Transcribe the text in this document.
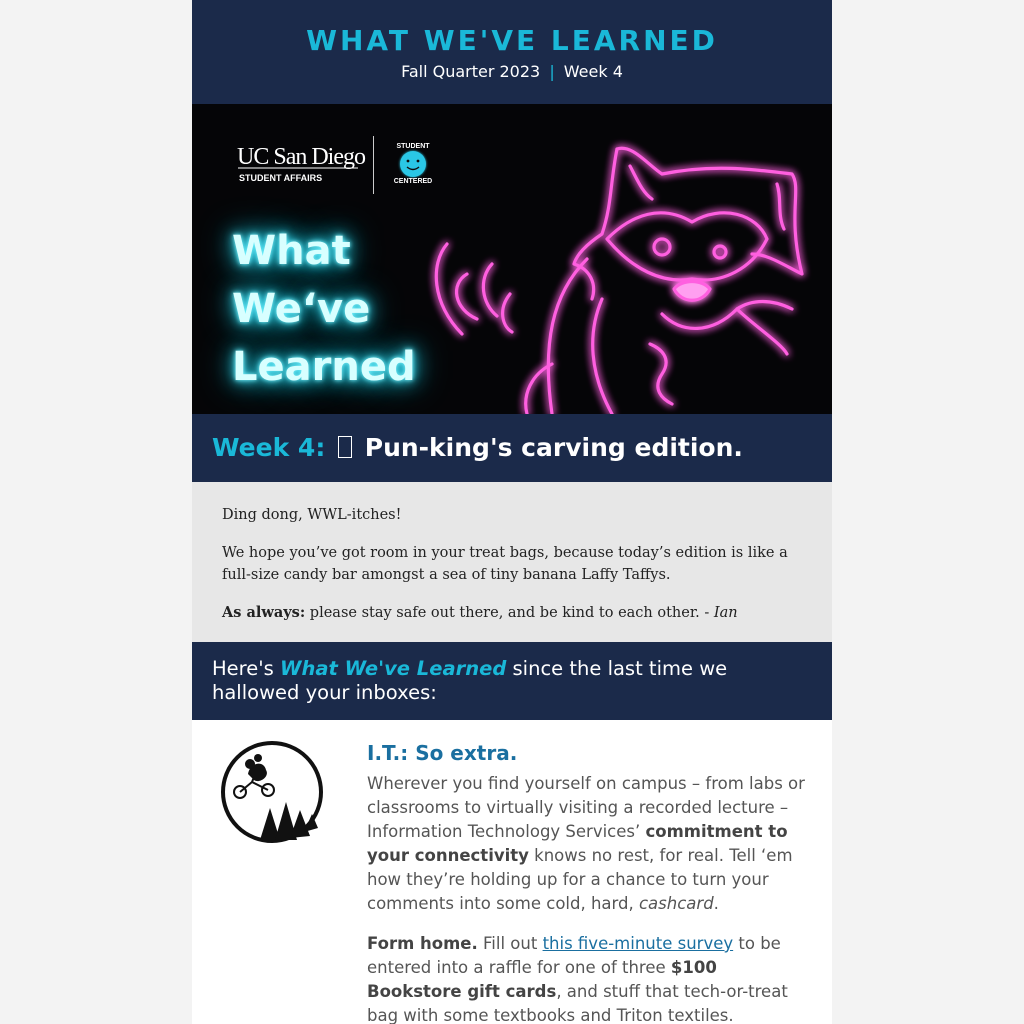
WHAT WE'VE LEARNED
Fall Quarter 2023 | Week 4
UC San Diego
STUDENT AFFAIRS
STUDENT
CENTERED
What
We‘ve
Learned
Week 4: Pun-king's carving edition.

Ding dong, WWL-itches!

We hope you’ve got room in your treat bags, because today’s edition is like a full-size candy bar amongst a sea of tiny banana Laffy Taffys.

As always: please stay safe out there, and be kind to each other. - Ian

Here's What We've Learned since the last time we hallowed your inboxes:
I.T.: So extra.

Wherever you find yourself on campus – from labs or classrooms to virtually visiting a recorded lecture – Information Technology Services’ commitment to your connectivity knows no rest, for real. Tell ‘em how they’re holding up for a chance to turn your comments into some cold, hard, cashcard.

Form home. Fill out this five-minute survey to be entered into a raffle for one of three $100 Bookstore gift cards, and stuff that tech-or-treat bag with some textbooks and Triton textiles.
